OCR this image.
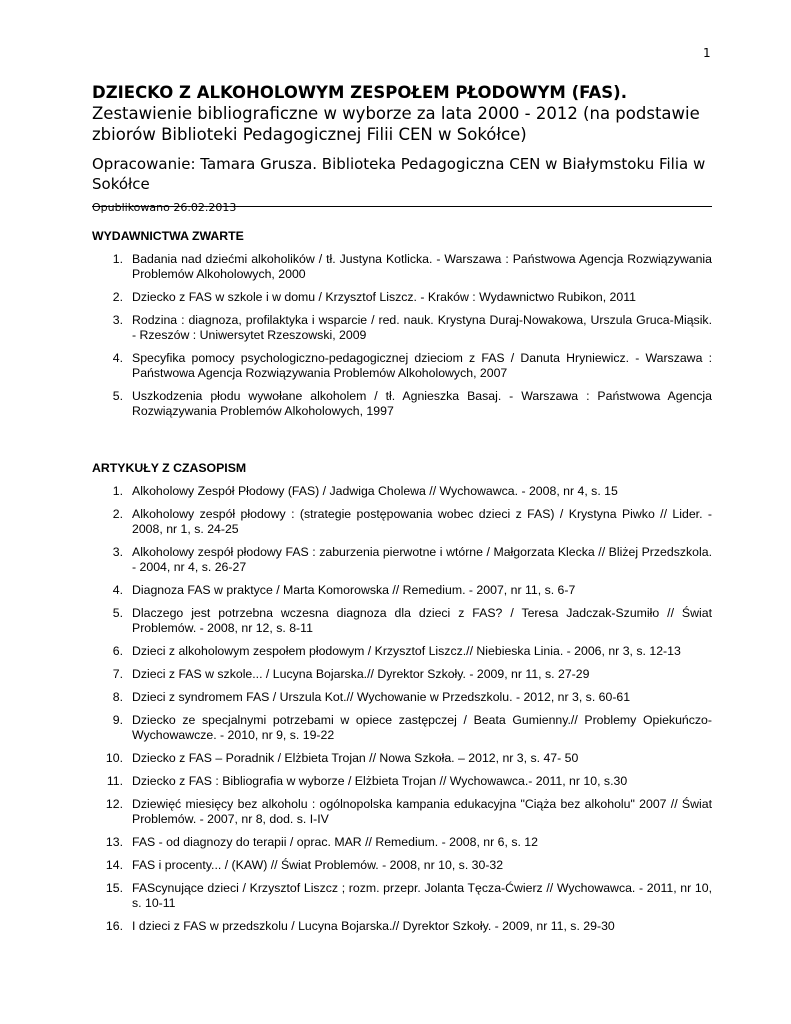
1

DZIECKO Z ALKOHOLOWYM ZESPOŁEM PŁODOWYM (FAS). Zestawienie bibliograficzne w wyborze za lata 2000 - 2012 (na podstawie zbiorów Biblioteki Pedagogicznej Filii CEN w Sokółce)

Opracowanie: Tamara Grusza. Biblioteka Pedagogiczna CEN w Białymstoku Filia w Sokółce
Opublikowano 26.02.2013
WYDAWNICTWA ZWARTE
1. Badania nad dziećmi alkoholików / tł. Justyna Kotlicka. - Warszawa : Państwowa Agencja Rozwiązywania Problemów Alkoholowych, 2000
2. Dziecko z FAS w szkole i w domu / Krzysztof Liszcz. - Kraków : Wydawnictwo Rubikon, 2011
3. Rodzina : diagnoza, profilaktyka i wsparcie / red. nauk. Krystyna Duraj-Nowakowa, Urszula Gruca-Miąsik. - Rzeszów : Uniwersytet Rzeszowski, 2009
4. Specyfika pomocy psychologiczno-pedagogicznej dzieciom z FAS / Danuta Hryniewicz. - Warszawa : Państwowa Agencja Rozwiązywania Problemów Alkoholowych, 2007
5. Uszkodzenia płodu wywołane alkoholem / tł. Agnieszka Basaj. - Warszawa : Państwowa Agencja Rozwiązywania Problemów Alkoholowych, 1997
ARTYKUŁY Z CZASOPISM
1. Alkoholowy Zespół Płodowy (FAS) / Jadwiga Cholewa // Wychowawca. - 2008, nr 4, s. 15
2. Alkoholowy zespół płodowy : (strategie postępowania wobec dzieci z FAS) / Krystyna Piwko // Lider. - 2008, nr 1, s. 24-25
3. Alkoholowy zespół płodowy FAS : zaburzenia pierwotne i wtórne / Małgorzata Klecka // Bliżej Przedszkola. - 2004, nr 4, s. 26-27
4. Diagnoza FAS w praktyce / Marta Komorowska // Remedium. - 2007, nr 11, s. 6-7
5. Dlaczego jest potrzebna wczesna diagnoza dla dzieci z FAS? / Teresa Jadczak-Szumiło // Świat Problemów. - 2008, nr 12, s. 8-11
6. Dzieci z alkoholowym zespołem płodowym / Krzysztof Liszcz.// Niebieska Linia. - 2006, nr 3, s. 12-13
7. Dzieci z FAS w szkole... / Lucyna Bojarska.// Dyrektor Szkoły. - 2009, nr 11, s. 27-29
8. Dzieci z syndromem FAS / Urszula Kot.// Wychowanie w Przedszkolu. - 2012, nr 3, s. 60-61
9. Dziecko ze specjalnymi potrzebami w opiece zastępczej / Beata Gumienny.// Problemy Opiekuńczo-Wychowawcze. - 2010, nr 9, s. 19-22
10. Dziecko z FAS – Poradnik / Elżbieta Trojan // Nowa Szkoła. – 2012, nr 3, s. 47- 50
11. Dziecko z FAS : Bibliografia w wyborze / Elżbieta Trojan // Wychowawca.- 2011, nr 10, s.30
12. Dziewięć miesięcy bez alkoholu : ogólnopolska kampania edukacyjna "Ciąża bez alkoholu" 2007 // Świat Problemów. - 2007, nr 8, dod. s. I-IV
13. FAS - od diagnozy do terapii / oprac. MAR // Remedium. - 2008, nr 6, s. 12
14. FAS i procenty... / (KAW) // Świat Problemów. - 2008, nr 10, s. 30-32
15. FAScynujące dzieci / Krzysztof Liszcz ; rozm. przepr. Jolanta Tęcza-Ćwierz // Wychowawca. - 2011, nr 10, s. 10-11
16. I dzieci z FAS w przedszkolu / Lucyna Bojarska.// Dyrektor Szkoły. - 2009, nr 11, s. 29-30
